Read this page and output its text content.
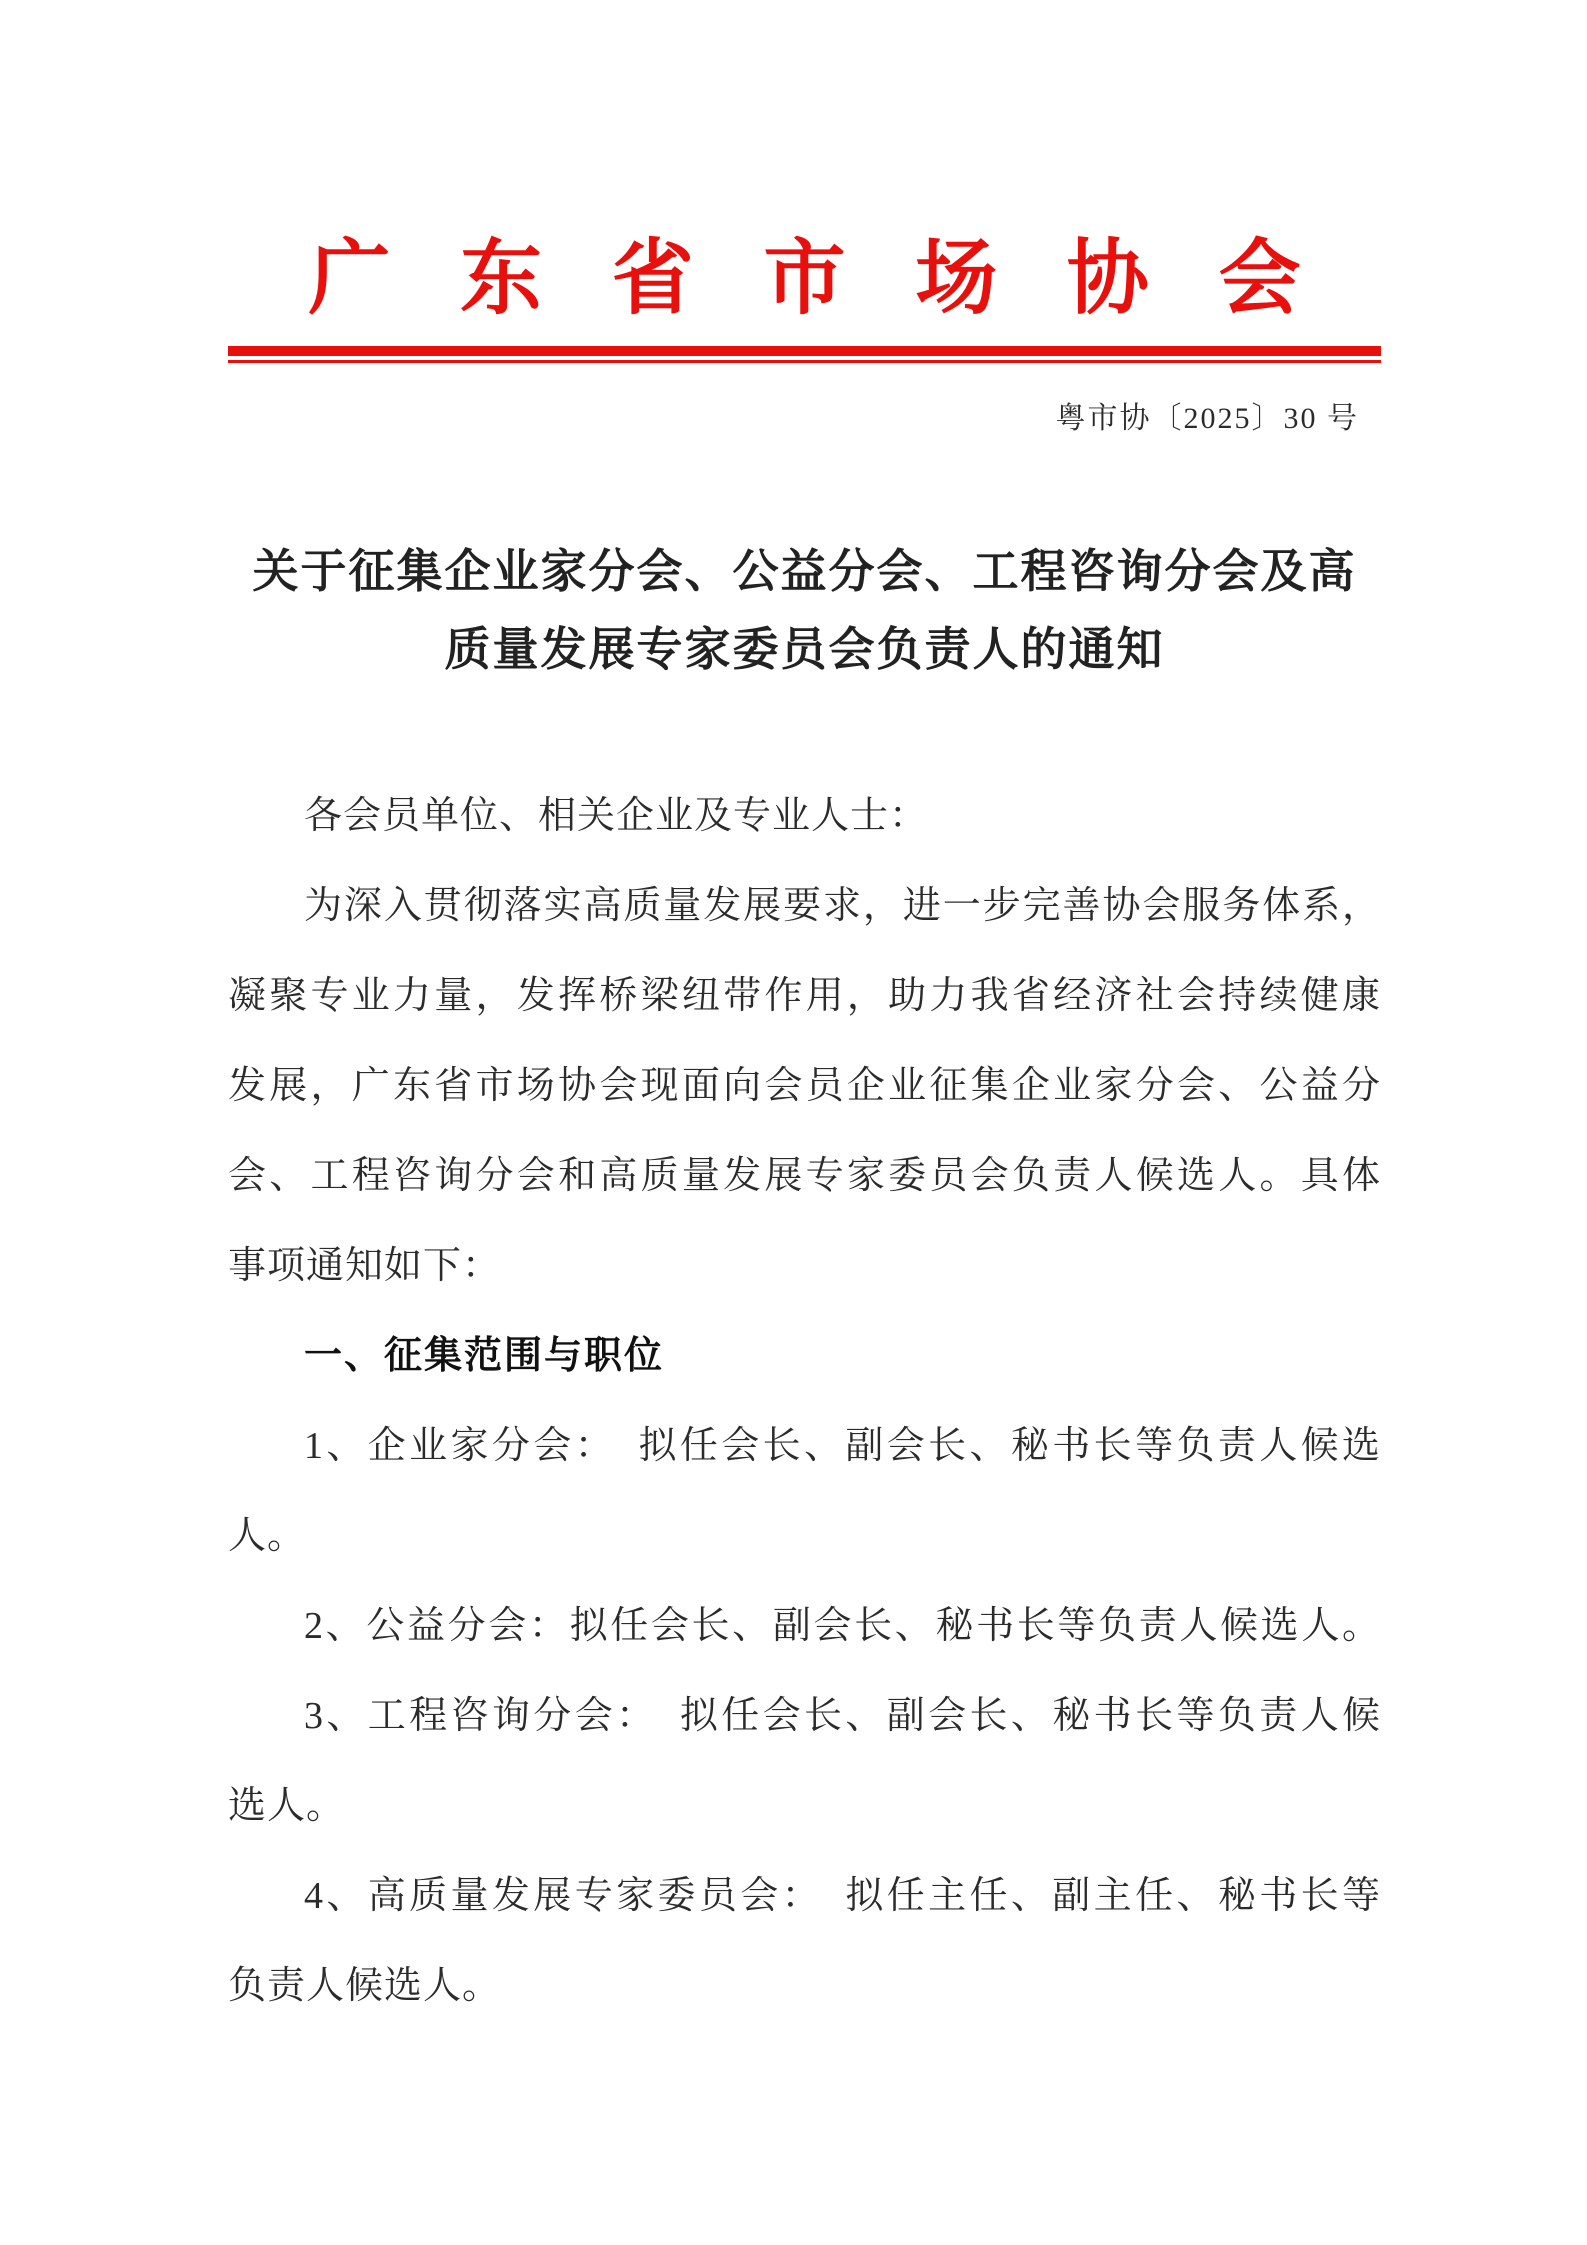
广东省市场协会
粤市协〔2025〕30 号
关于征集企业家分会、公益分会、工程咨询分会及高
质量发展专家委员会负责人的通知
各会员单位、相关企业及专业人士：
为深入贯彻落实高质量发展要求，进一步完善协会服务体系，
凝聚专业力量，发挥桥梁纽带作用，助力我省经济社会持续健康
发展，广东省市场协会现面向会员企业征集企业家分会、公益分
会、工程咨询分会和高质量发展专家委员会负责人候选人。具体
事项通知如下：
一、征集范围与职位
1、企业家分会：　拟任会长、副会长、秘书长等负责人候选
人。
2、公益分会：拟任会长、副会长、秘书长等负责人候选人。
3、工程咨询分会：　拟任会长、副会长、秘书长等负责人候
选人。
4、高质量发展专家委员会：　拟任主任、副主任、秘书长等
负责人候选人。
